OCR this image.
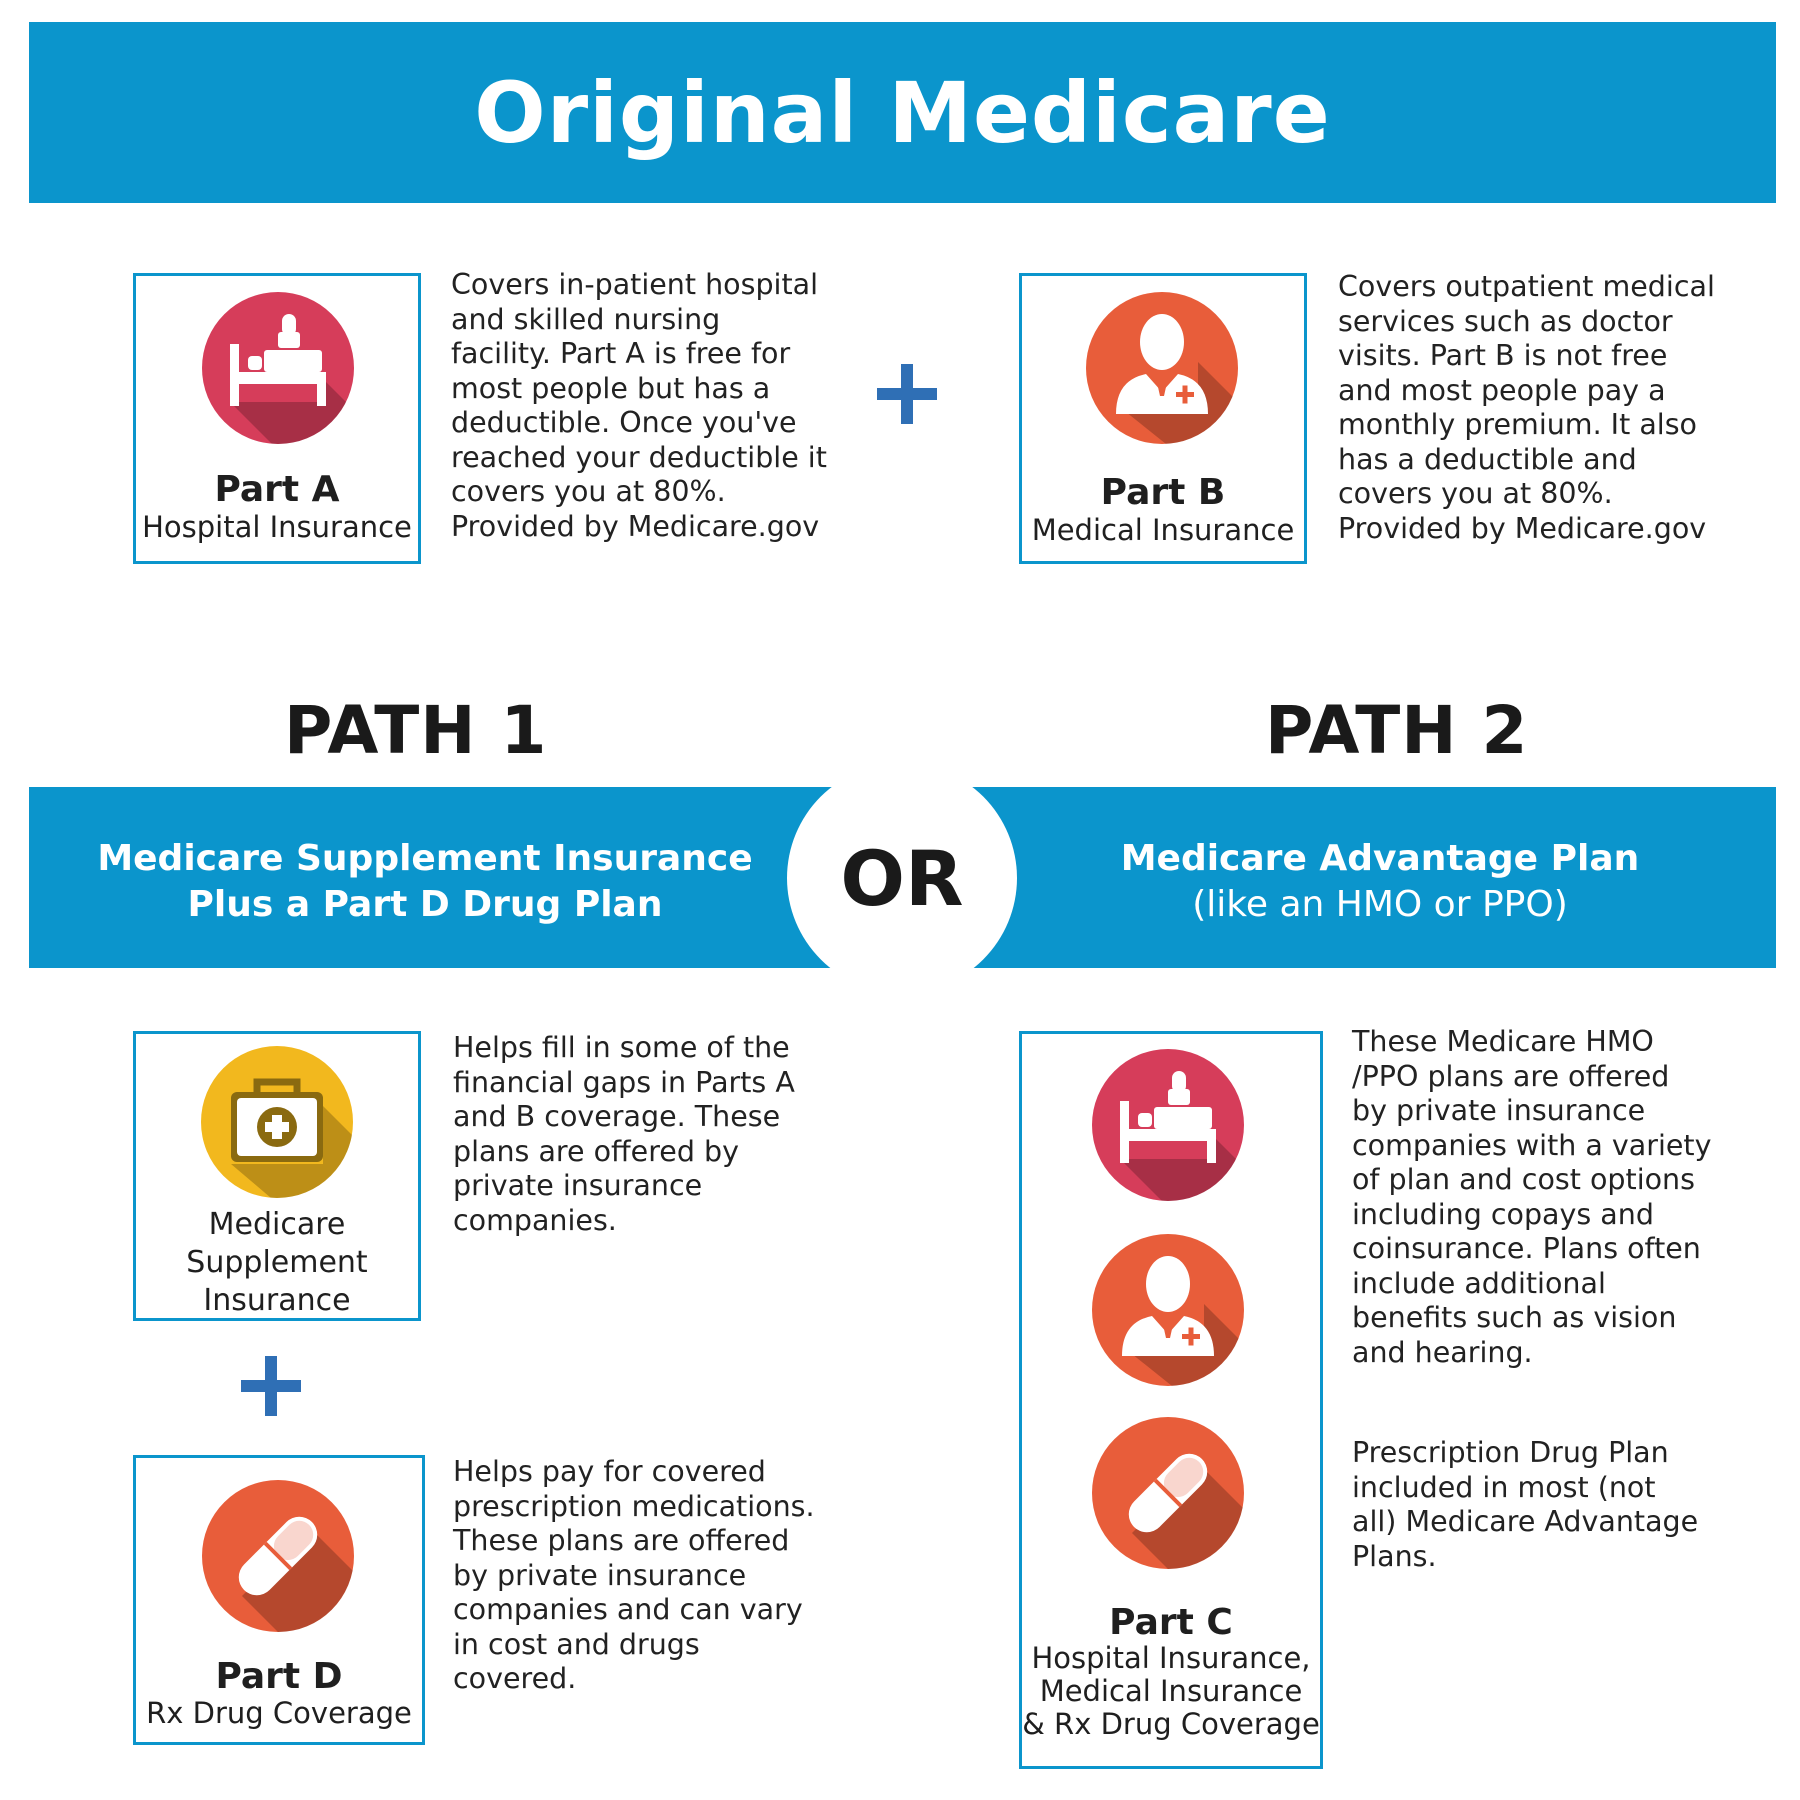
Original Medicare
Part A
Hospital Insurance
Covers in-patient hospital
and skilled nursing
facility. Part A is free for
most people but has a
deductible. Once you've
reached your deductible it
covers you at 80%.
Provided by Medicare.gov
Part B
Medical Insurance
Covers outpatient medical
services such as doctor
visits. Part B is not free
and most people pay a
monthly premium. It also
has a deductible and
covers you at 80%.
Provided by Medicare.gov
PATH 1	PATH 2
Medicare Supplement Insurance
Plus a Part D Drug Plan	OR	Medicare Advantage Plan
(like an HMO or PPO)
Medicare
Supplement
Insurance
Helps fill in some of the
financial gaps in Parts A
and B coverage. These
plans are offered by
private insurance
companies.
Part D
Rx Drug Coverage
Helps pay for covered
prescription medications.
These plans are offered
by private insurance
companies and can vary
in cost and drugs
covered.
Part C
Hospital Insurance,
Medical Insurance
& Rx Drug Coverage
These Medicare HMO
/PPO plans are offered
by private insurance
companies with a variety
of plan and cost options
including copays and
coinsurance. Plans often
include additional
benefits such as vision
and hearing.
Prescription Drug Plan
included in most (not
all) Medicare Advantage
Plans.
